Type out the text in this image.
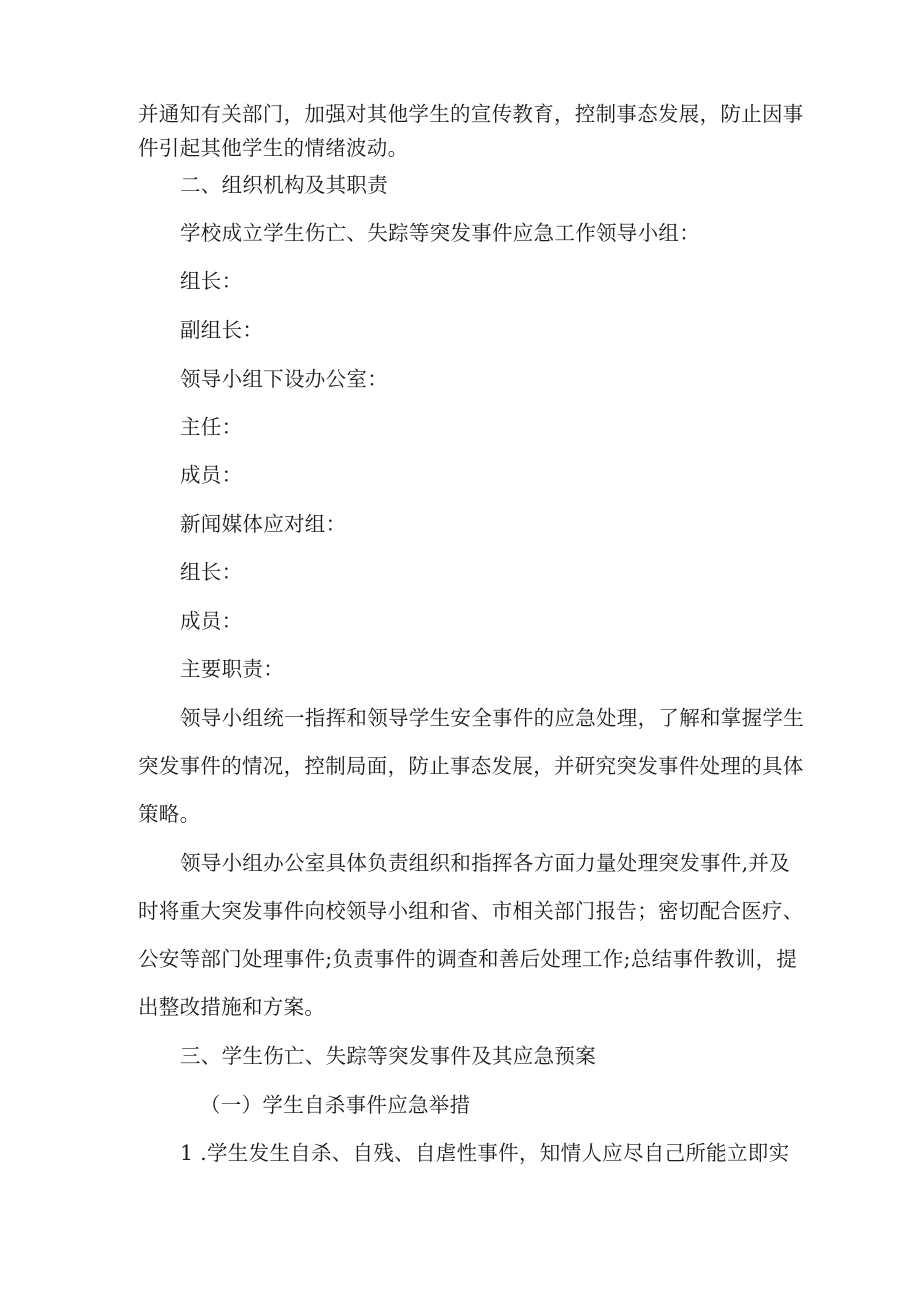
并通知有关部门，加强对其他学生的宣传教育，控制事态发展，防止因事
件引起其他学生的情绪波动。

二、组织机构及其职责

学校成立学生伤亡、失踪等突发事件应急工作领导小组：

组长：

副组长：

领导小组下设办公室：

主任：

成员：

新闻媒体应对组：

组长：

成员：

主要职责：

领导小组统一指挥和领导学生安全事件的应急处理，了解和掌握学生
突发事件的情况，控制局面，防止事态发展，并研究突发事件处理的具体
策略。
领导小组办公室具体负责组织和指挥各方面力量处理突发事件,并及
时将重大突发事件向校领导小组和省、市相关部门报告；密切配合医疗、
公安等部门处理事件;负责事件的调查和善后处理工作;总结事件教训，提
出整改措施和方案。

三、学生伤亡、失踪等突发事件及其应急预案

（一）学生自杀事件应急举措

1 .学生发生自杀、自残、自虐性事件，知情人应尽自己所能立即实
